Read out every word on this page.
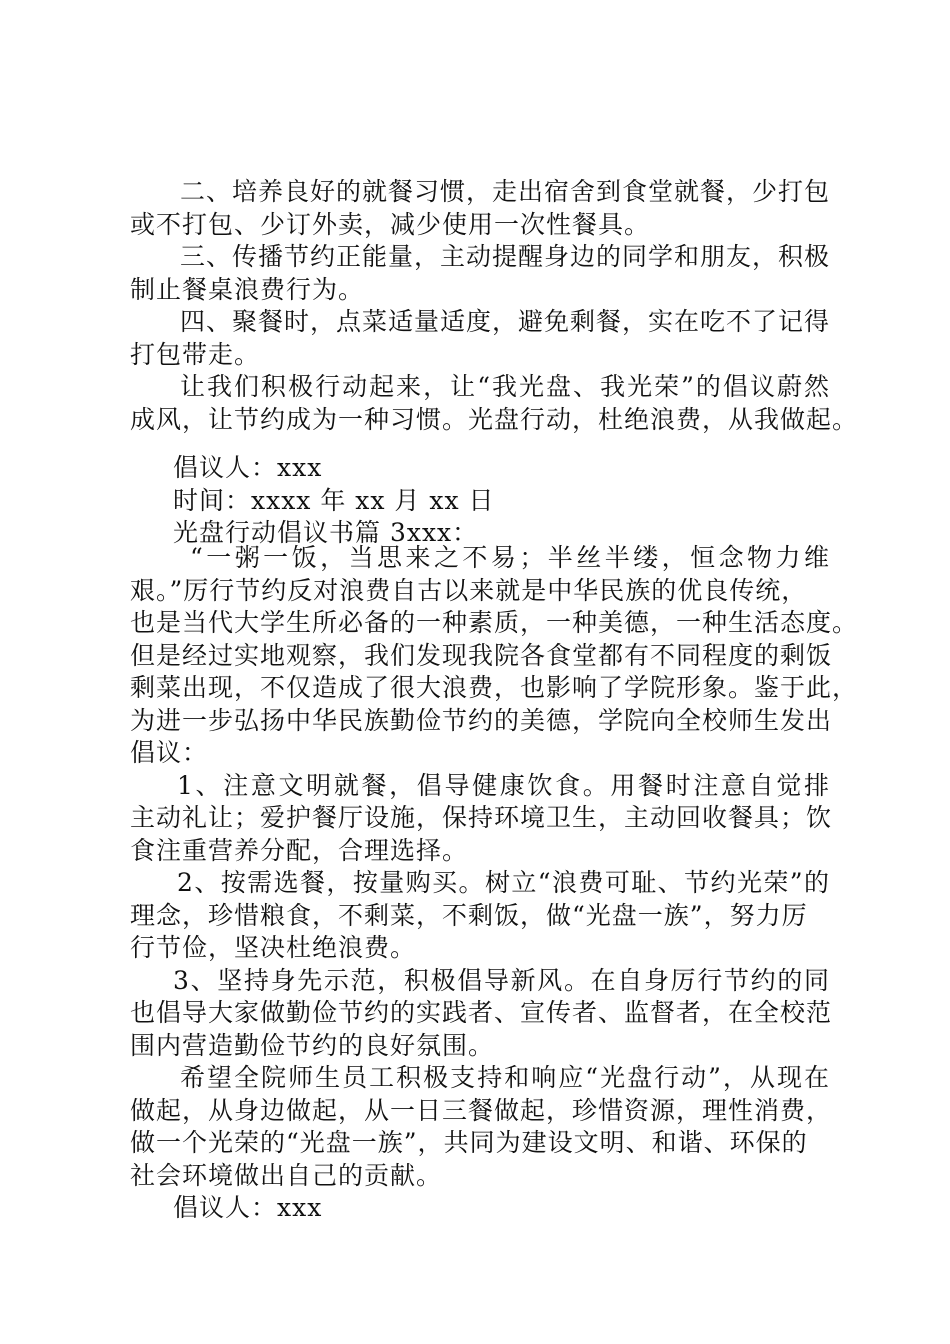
二、培养良好的就餐习惯，走出宿舍到食堂就餐，少打包
或不打包、少订外卖，减少使用一次性餐具。
三、传播节约正能量，主动提醒身边的同学和朋友，积极
制止餐桌浪费行为。
四、聚餐时，点菜适量适度，避免剩餐，实在吃不了记得
打包带走。
让我们积极行动起来，让“我光盘、我光荣”的倡议蔚然
成风，让节约成为一种习惯。光盘行动，杜绝浪费，从我做起。
倡议人：xxx
时间：xxxx 年 xx 月 xx 日
光盘行动倡议书篇 3xxx：
“一粥一饭，当思来之不易；半丝半缕，恒念物力维
艰。”厉行节约反对浪费自古以来就是中华民族的优良传统，
也是当代大学生所必备的一种素质，一种美德，一种生活态度。
但是经过实地观察，我们发现我院各食堂都有不同程度的剩饭
剩菜出现，不仅造成了很大浪费，也影响了学院形象。鉴于此，
为进一步弘扬中华民族勤俭节约的美德，学院向全校师生发出
倡议：
1、注意文明就餐，倡导健康饮食。用餐时注意自觉排
主动礼让；爱护餐厅设施，保持环境卫生，主动回收餐具；饮
食注重营养分配，合理选择。
2、按需选餐，按量购买。树立“浪费可耻、节约光荣”的
理念，珍惜粮食，不剩菜，不剩饭，做“光盘一族”，努力厉
行节俭，坚决杜绝浪费。
3、坚持身先示范，积极倡导新风。在自身厉行节约的同
也倡导大家做勤俭节约的实践者、宣传者、监督者，在全校范
围内营造勤俭节约的良好氛围。
希望全院师生员工积极支持和响应“光盘行动”，从现在
做起，从身边做起，从一日三餐做起，珍惜资源，理性消费，
做一个光荣的“光盘一族”，共同为建设文明、和谐、环保的
社会环境做出自己的贡献。
倡议人：xxx
